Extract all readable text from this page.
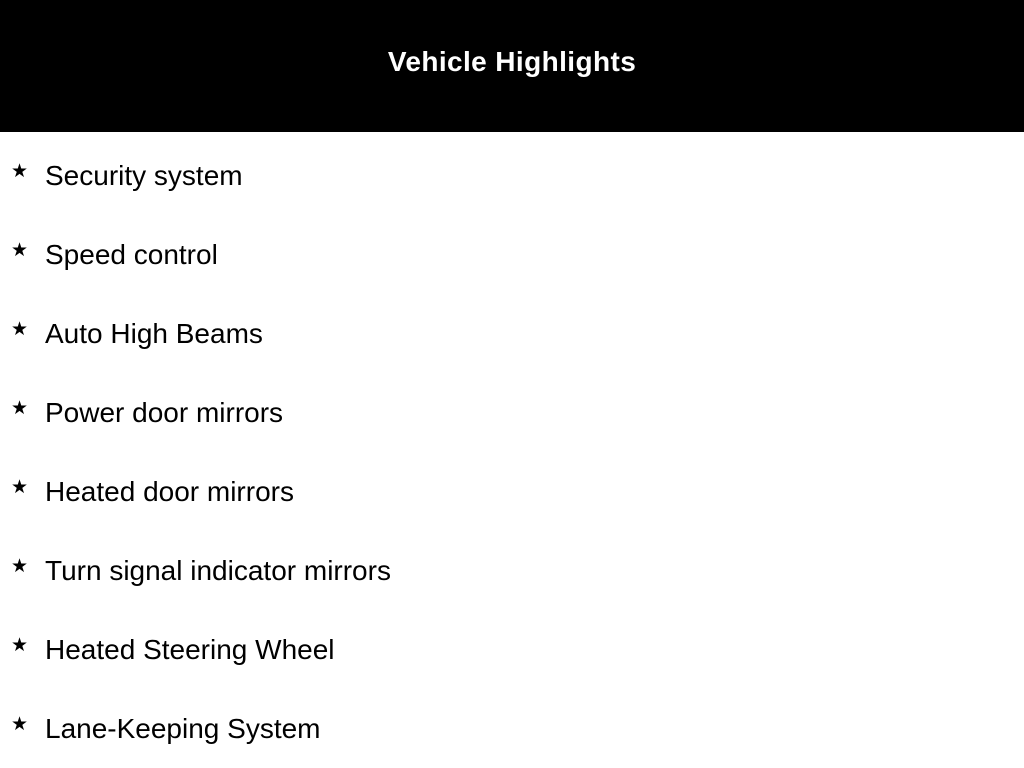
Vehicle Highlights
★ Security system
★ Speed control
★ Auto High Beams
★ Power door mirrors
★ Heated door mirrors
★ Turn signal indicator mirrors
★ Heated Steering Wheel
★ Lane-Keeping System
